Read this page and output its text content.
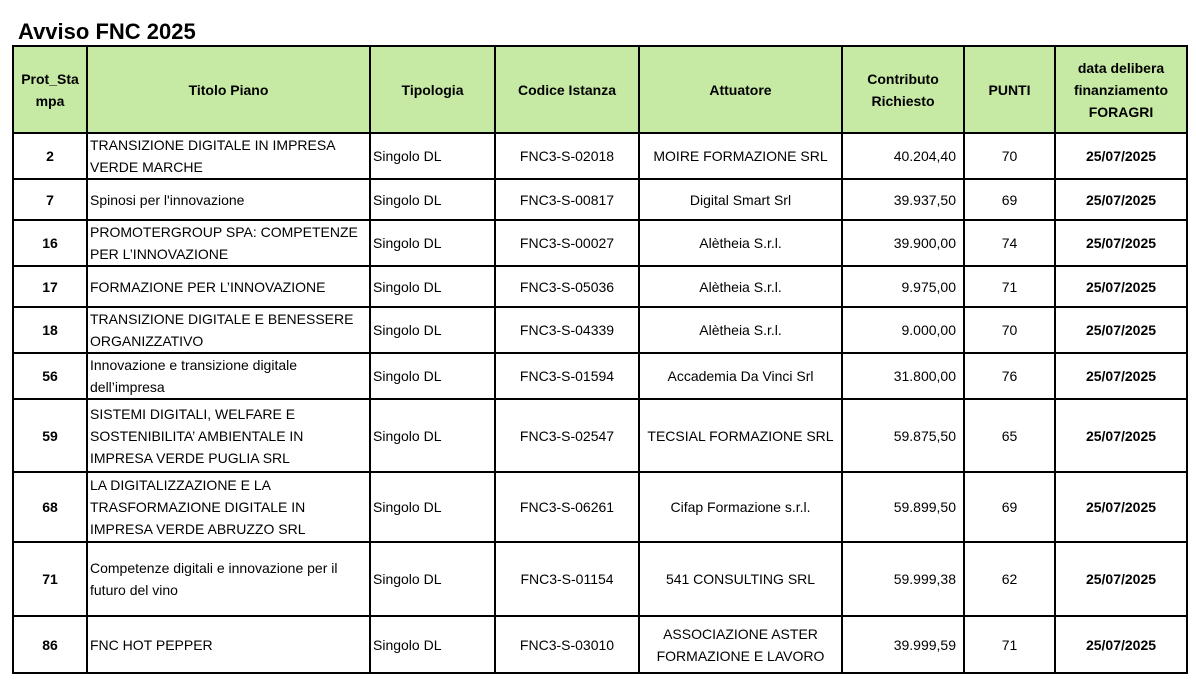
Avviso FNC 2025
Prot_Stampa	Titolo Piano	Tipologia	Codice Istanza	Attuatore	Contributo Richiesto	PUNTI	data delibera finanziamento FORAGRI
2	TRANSIZIONE DIGITALE IN IMPRESA VERDE MARCHE	Singolo DL	FNC3-S-02018	MOIRE FORMAZIONE SRL	40.204,40	70	25/07/2025
7	Spinosi per l'innovazione	Singolo DL	FNC3-S-00817	Digital Smart Srl	39.937,50	69	25/07/2025
16	PROMOTERGROUP SPA: COMPETENZE PER L’INNOVAZIONE	Singolo DL	FNC3-S-00027	Alètheia S.r.l.	39.900,00	74	25/07/2025
17	FORMAZIONE PER L’INNOVAZIONE	Singolo DL	FNC3-S-05036	Alètheia S.r.l.	9.975,00	71	25/07/2025
18	TRANSIZIONE DIGITALE E BENESSERE ORGANIZZATIVO	Singolo DL	FNC3-S-04339	Alètheia S.r.l.	9.000,00	70	25/07/2025
56	Innovazione e transizione digitale dell’impresa	Singolo DL	FNC3-S-01594	Accademia Da Vinci Srl	31.800,00	76	25/07/2025
59	SISTEMI DIGITALI, WELFARE E SOSTENIBILITA’ AMBIENTALE IN IMPRESA VERDE PUGLIA SRL	Singolo DL	FNC3-S-02547	TECSIAL FORMAZIONE SRL	59.875,50	65	25/07/2025
68	LA DIGITALIZZAZIONE E LA TRASFORMAZIONE DIGITALE IN IMPRESA VERDE ABRUZZO SRL	Singolo DL	FNC3-S-06261	Cifap Formazione s.r.l.	59.899,50	69	25/07/2025
71	Competenze digitali e innovazione per il futuro del vino	Singolo DL	FNC3-S-01154	541 CONSULTING SRL	59.999,38	62	25/07/2025
86	FNC HOT PEPPER	Singolo DL	FNC3-S-03010	ASSOCIAZIONE ASTER FORMAZIONE E LAVORO	39.999,59	71	25/07/2025
